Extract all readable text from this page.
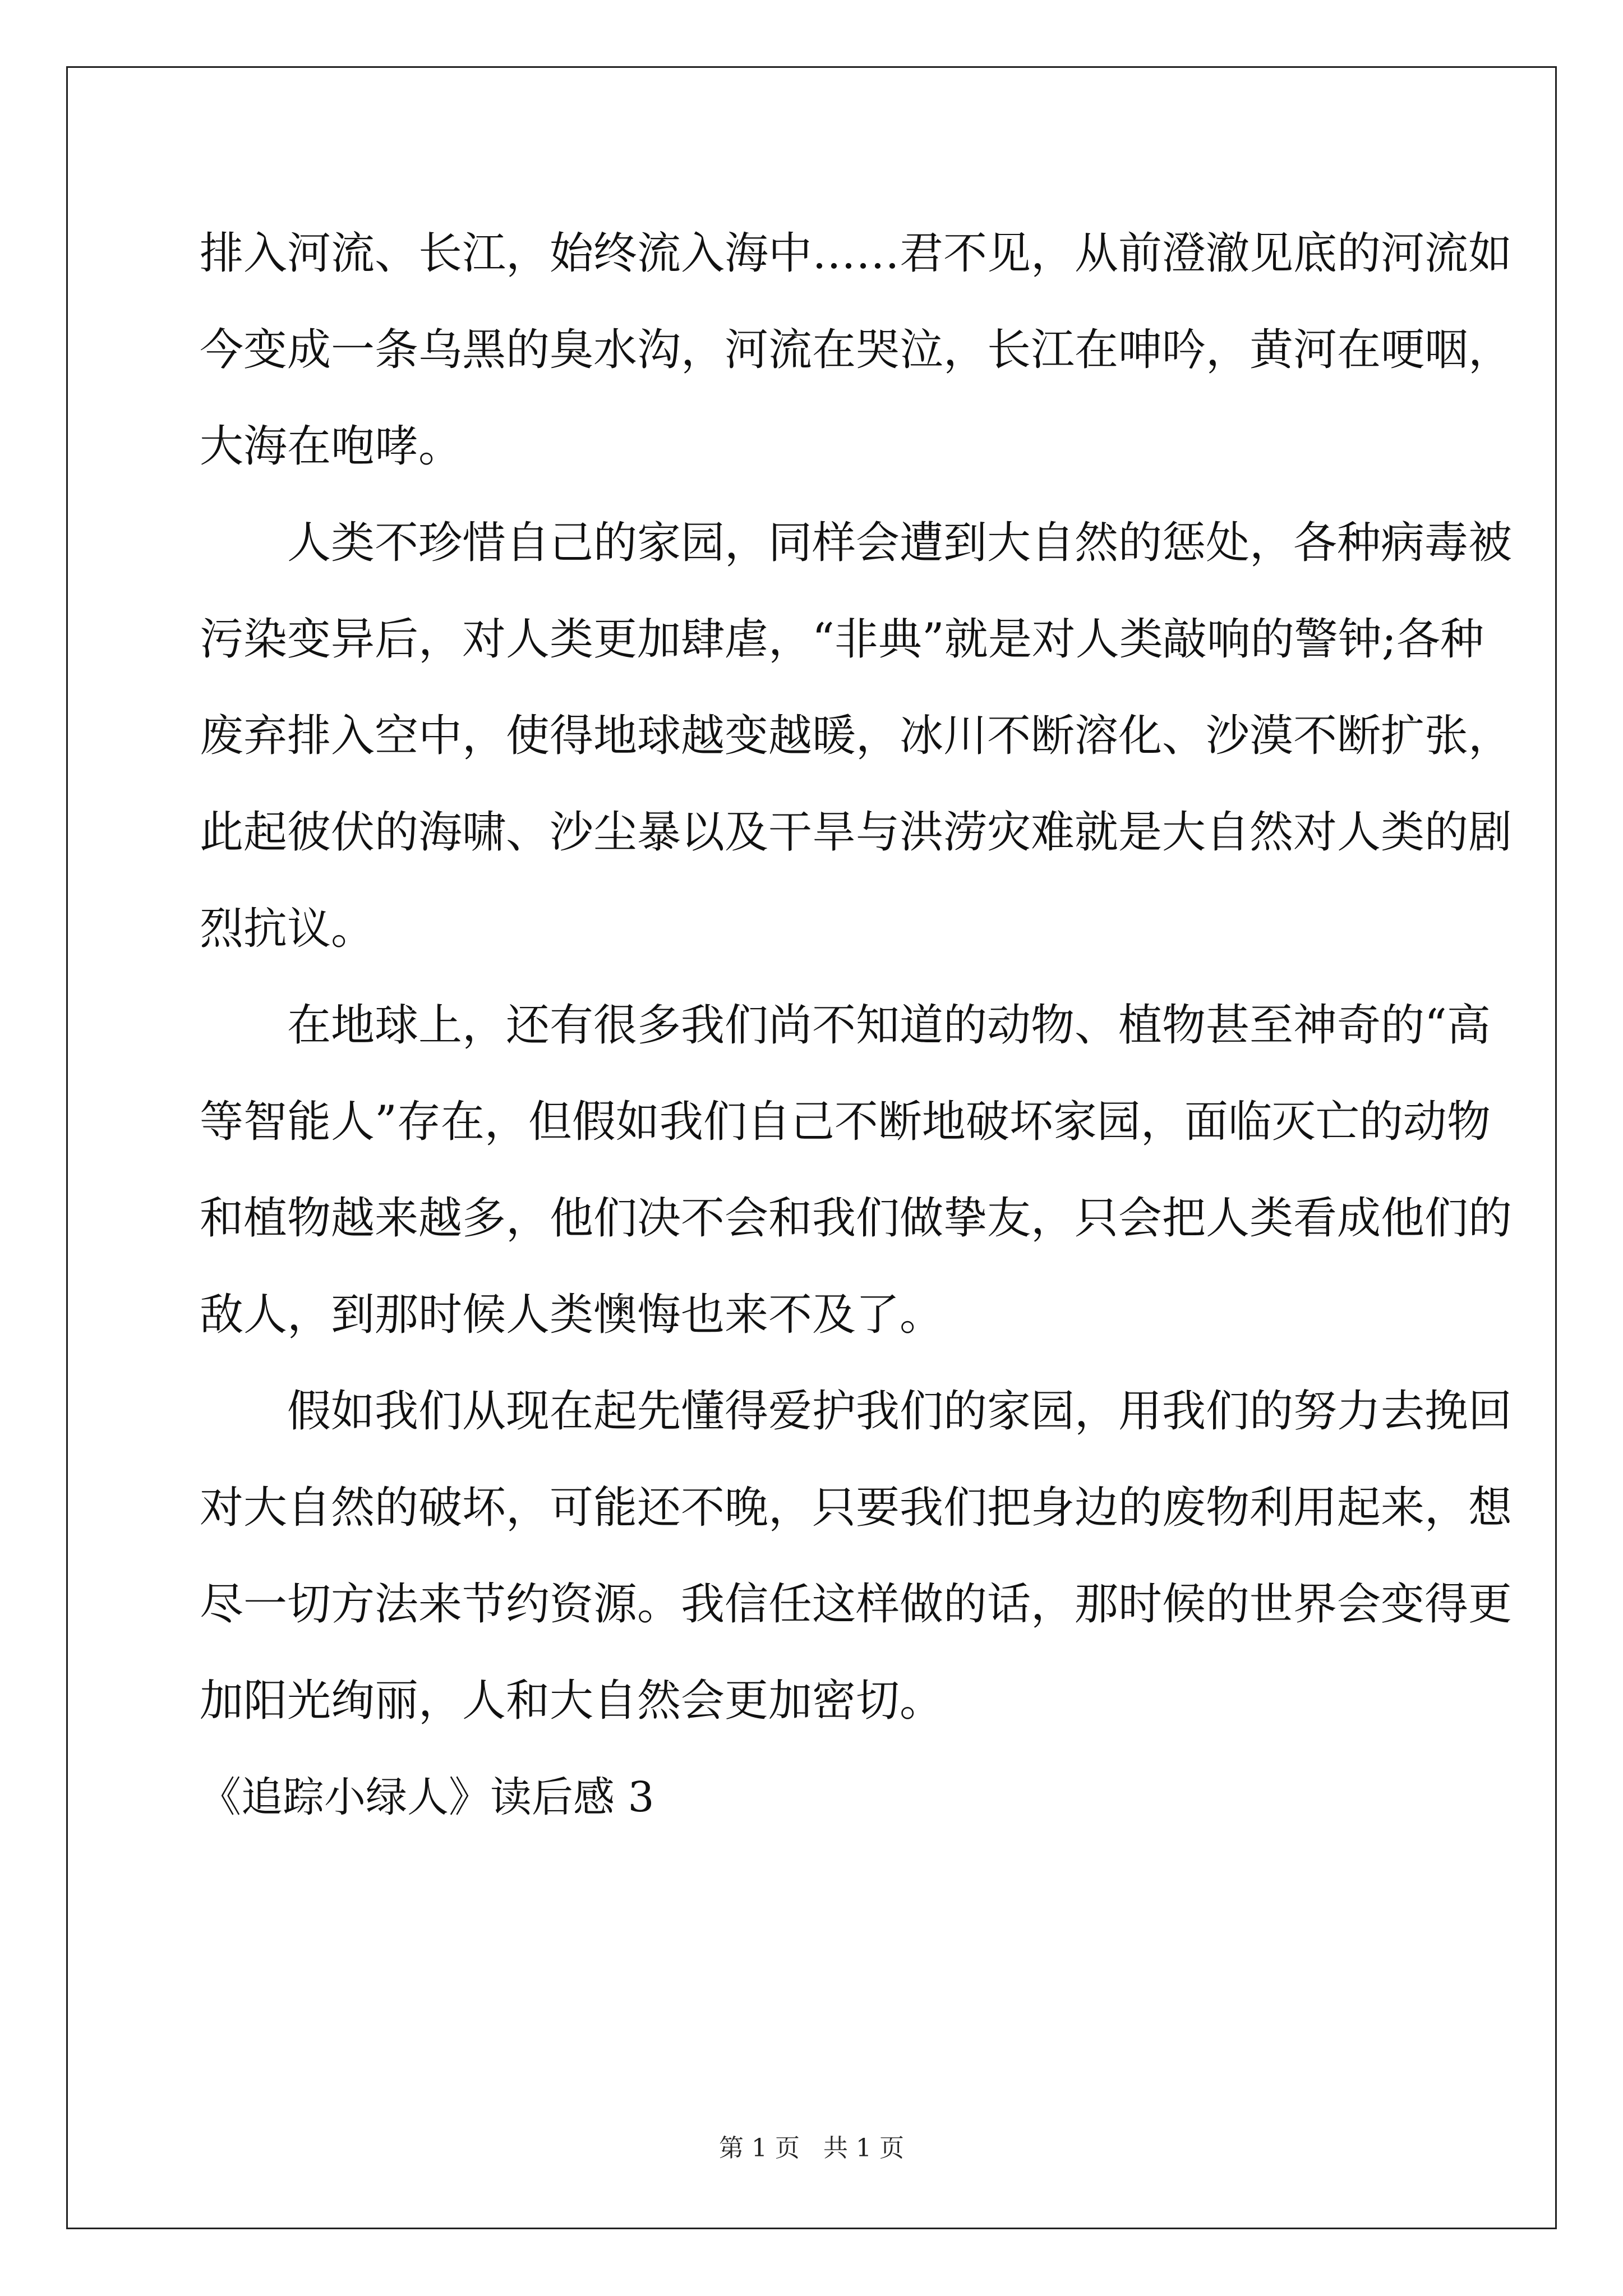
排入河流、长江，始终流入海中……君不见，从前澄澈见底的河流如
今变成一条乌黑的臭水沟，河流在哭泣，长江在呻吟，黄河在哽咽，
大海在咆哮。
人类不珍惜自己的家园，同样会遭到大自然的惩处，各种病毒被
污染变异后，对人类更加肆虐，“非典”就是对人类敲响的警钟;各种
废弃排入空中，使得地球越变越暖，冰川不断溶化、沙漠不断扩张，
此起彼伏的海啸、沙尘暴以及干旱与洪涝灾难就是大自然对人类的剧
烈抗议。
在地球上，还有很多我们尚不知道的动物、植物甚至神奇的“高
等智能人”存在，但假如我们自己不断地破坏家园，面临灭亡的动物
和植物越来越多，他们决不会和我们做挚友，只会把人类看成他们的
敌人，到那时候人类懊悔也来不及了。
假如我们从现在起先懂得爱护我们的家园，用我们的努力去挽回
对大自然的破坏，可能还不晚，只要我们把身边的废物利用起来，想
尽一切方法来节约资源。我信任这样做的话，那时候的世界会变得更
加阳光绚丽，人和大自然会更加密切。
《追踪小绿人》读后感 3
第 1 页 共 1 页
